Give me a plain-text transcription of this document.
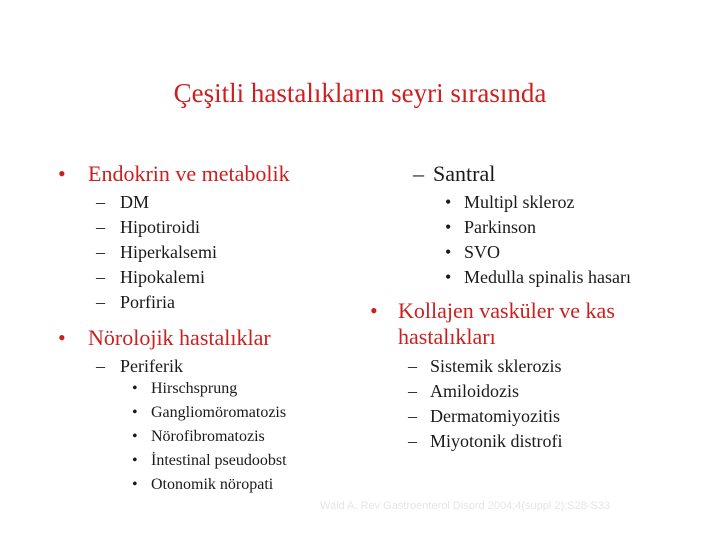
Çeşitli hastalıkların seyri sırasında
• Endokrin ve metabolik
– DM
– Hipotiroidi
– Hiperkalsemi
– Hipokalemi
– Porfiria
• Nörolojik hastalıklar
– Periferik
• Hirschsprung
• Gangliomöromatozis
• Nörofibromatozis
• İntestinal pseudoobst
• Otonomik nöropati
– Santral
• Multipl skleroz
• Parkinson
• SVO
• Medulla spinalis hasarı
• Kollajen vasküler ve kas
hastalıkları
– Sistemik sklerozis
– Amiloidozis
– Dermatomiyozitis
– Miyotonik distrofi
Wald A. Rev Gastroenterol Disord 2004;4(suppl 2):S28-S33
